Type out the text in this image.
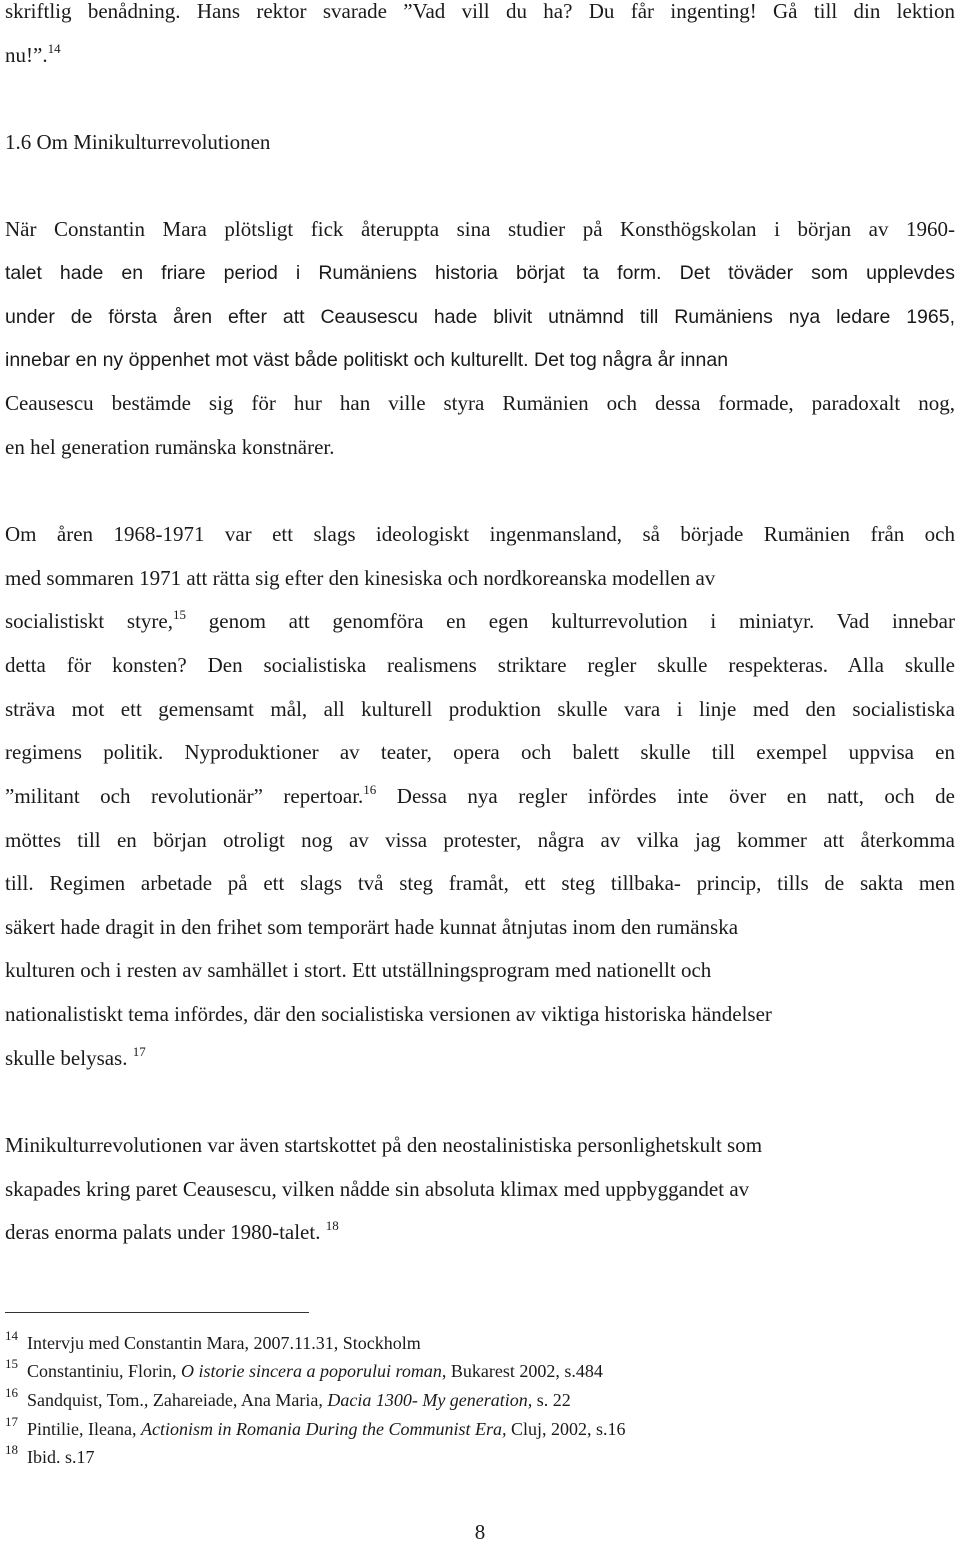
skriftlig benådning. Hans rektor svarade ”Vad vill du ha? Du får ingenting! Gå till din lektion
nu!”.$^{14}$
1.6 Om Minikulturrevolutionen
När Constantin Mara plötsligt fick återuppta sina studier på Konsthögskolan i början av 1960-
talet hade en friare period i Rumäniens historia börjat ta form. Det töväder som upplevdes
under de första åren efter att Ceausescu hade blivit utnämnd till Rumäniens nya ledare 1965,
innebar en ny öppenhet mot väst både politiskt och kulturellt. Det tog några år innan
Ceausescu bestämde sig för hur han ville styra Rumänien och dessa formade, paradoxalt nog,
en hel generation rumänska konstnärer.
Om åren 1968-1971 var ett slags ideologiskt ingenmansland, så började Rumänien från och
med sommaren 1971 att rätta sig efter den kinesiska och nordkoreanska modellen av
socialistiskt styre,$^{15}$ genom att genomföra en egen kulturrevolution i miniatyr. Vad innebar
detta för konsten? Den socialistiska realismens striktare regler skulle respekteras. Alla skulle
sträva mot ett gemensamt mål, all kulturell produktion skulle vara i linje med den socialistiska
regimens politik. Nyproduktioner av teater, opera och balett skulle till exempel uppvisa en
”militant och revolutionär” repertoar.$^{16}$ Dessa nya regler infördes inte över en natt, och de
möttes till en början otroligt nog av vissa protester, några av vilka jag kommer att återkomma
till. Regimen arbetade på ett slags två steg framåt, ett steg tillbaka- princip, tills de sakta men
säkert hade dragit in den frihet som temporärt hade kunnat åtnjutas inom den rumänska
kulturen och i resten av samhället i stort. Ett utställningsprogram med nationellt och
nationalistiskt tema infördes, där den socialistiska versionen av viktiga historiska händelser
skulle belysas. $^{17}$
Minikulturrevolutionen var även startskottet på den neostalinistiska personlighetskult som
skapades kring paret Ceausescu, vilken nådde sin absoluta klimax med uppbyggandet av
deras enorma palats under 1980-talet. $^{18}$
$^{14}$ Intervju med Constantin Mara, 2007.11.31, Stockholm
$^{15}$ Constantiniu, Florin, O istorie sincera a poporului roman, Bukarest 2002, s.484
$^{16}$ Sandquist, Tom., Zahareiade, Ana Maria, Dacia 1300- My generation, s. 22
$^{17}$ Pintilie, Ileana, Actionism in Romania During the Communist Era, Cluj, 2002, s.16
$^{18}$ Ibid. s.17
8
